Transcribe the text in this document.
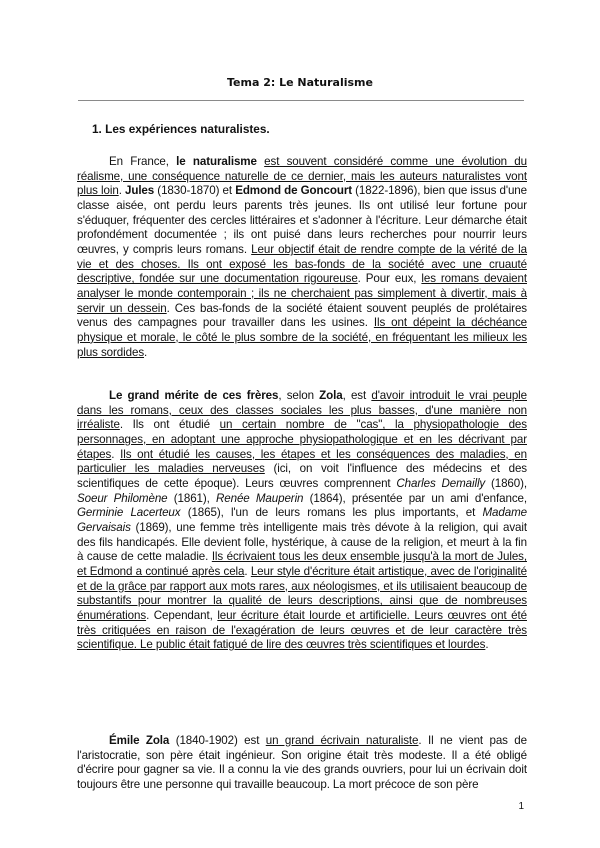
Tema 2: Le Naturalisme
1. Les expériences naturalistes.
En France, le naturalisme est souvent considéré comme une évolution du réalisme, une conséquence naturelle de ce dernier, mais les auteurs naturalistes vont plus loin. Jules (1830-1870) et Edmond de Goncourt (1822-1896), bien que issus d'une classe aisée, ont perdu leurs parents très jeunes. Ils ont utilisé leur fortune pour s'éduquer, fréquenter des cercles littéraires et s'adonner à l'écriture. Leur démarche était profondément documentée ; ils ont puisé dans leurs recherches pour nourrir leurs œuvres, y compris leurs romans. Leur objectif était de rendre compte de la vérité de la vie et des choses. Ils ont exposé les bas-fonds de la société avec une cruauté descriptive, fondée sur une documentation rigoureuse. Pour eux, les romans devaient analyser le monde contemporain ; ils ne cherchaient pas simplement à divertir, mais à servir un dessein. Ces bas-fonds de la société étaient souvent peuplés de prolétaires venus des campagnes pour travailler dans les usines. Ils ont dépeint la déchéance physique et morale, le côté le plus sombre de la société, en fréquentant les milieux les plus sordides.
Le grand mérite de ces frères, selon Zola, est d'avoir introduit le vrai peuple dans les romans, ceux des classes sociales les plus basses, d'une manière non irréaliste. Ils ont étudié un certain nombre de "cas", la physiopathologie des personnages, en adoptant une approche physiopathologique et en les décrivant par étapes. Ils ont étudié les causes, les étapes et les conséquences des maladies, en particulier les maladies nerveuses (ici, on voit l'influence des médecins et des scientifiques de cette époque). Leurs œuvres comprennent Charles Demailly (1860), Soeur Philomène (1861), Renée Mauperin (1864), présentée par un ami d'enfance, Germinie Lacerteux (1865), l'un de leurs romans les plus importants, et Madame Gervaisais (1869), une femme très intelligente mais très dévote à la religion, qui avait des fils handicapés. Elle devient folle, hystérique, à cause de la religion, et meurt à la fin à cause de cette maladie. Ils écrivaient tous les deux ensemble jusqu'à la mort de Jules, et Edmond a continué après cela. Leur style d'écriture était artistique, avec de l'originalité et de la grâce par rapport aux mots rares, aux néologismes, et ils utilisaient beaucoup de substantifs pour montrer la qualité de leurs descriptions, ainsi que de nombreuses énumérations. Cependant, leur écriture était lourde et artificielle. Leurs œuvres ont été très critiquées en raison de l'exagération de leurs œuvres et de leur caractère très scientifique. Le public était fatigué de lire des œuvres très scientifiques et lourdes.
Émile Zola (1840-1902) est un grand écrivain naturaliste. Il ne vient pas de l'aristocratie, son père était ingénieur. Son origine était très modeste. Il a été obligé d'écrire pour gagner sa vie. Il a connu la vie des grands ouvriers, pour lui un écrivain doit toujours être une personne qui travaille beaucoup. La mort précoce de son père
1
